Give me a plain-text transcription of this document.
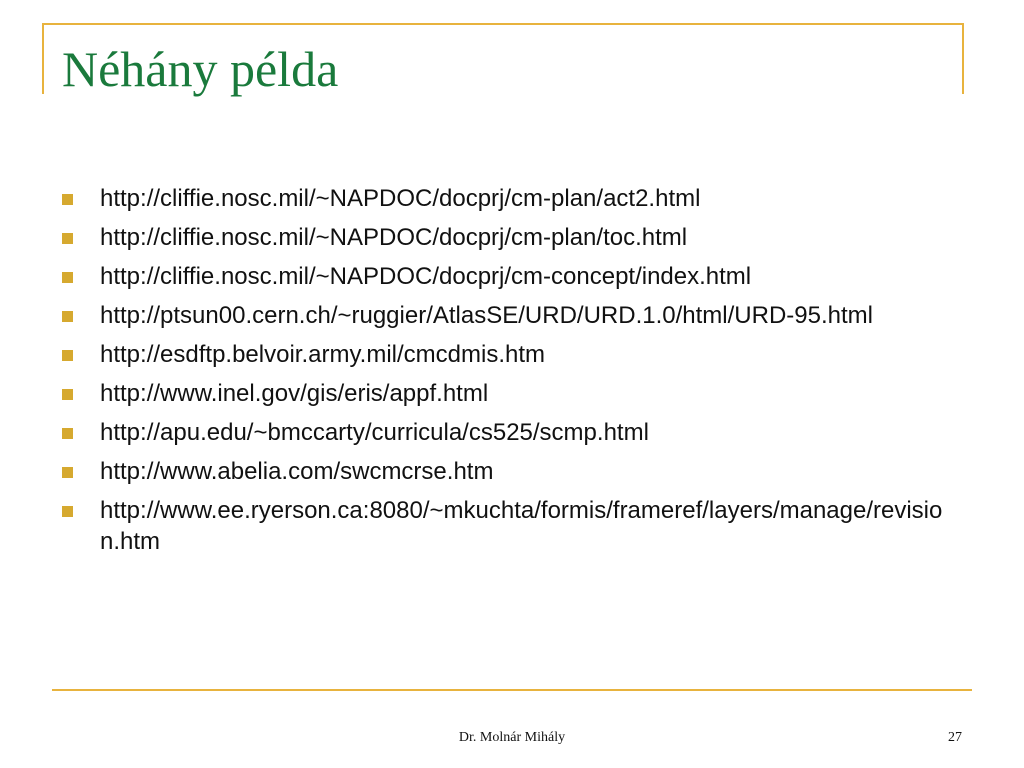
Néhány példa
http://cliffie.nosc.mil/~NAPDOC/docprj/cm-plan/act2.html
http://cliffie.nosc.mil/~NAPDOC/docprj/cm-plan/toc.html
http://cliffie.nosc.mil/~NAPDOC/docprj/cm-concept/index.html
http://ptsun00.cern.ch/~ruggier/AtlasSE/URD/URD.1.0/html/URD-95.html
http://esdftp.belvoir.army.mil/cmcdmis.htm
http://www.inel.gov/gis/eris/appf.html
http://apu.edu/~bmccarty/curricula/cs525/scmp.html
http://www.abelia.com/swcmcrse.htm
http://www.ee.ryerson.ca:8080/~mkuchta/formis/frameref/layers/manage/revision.htm
Dr. Molnár Mihály	27
